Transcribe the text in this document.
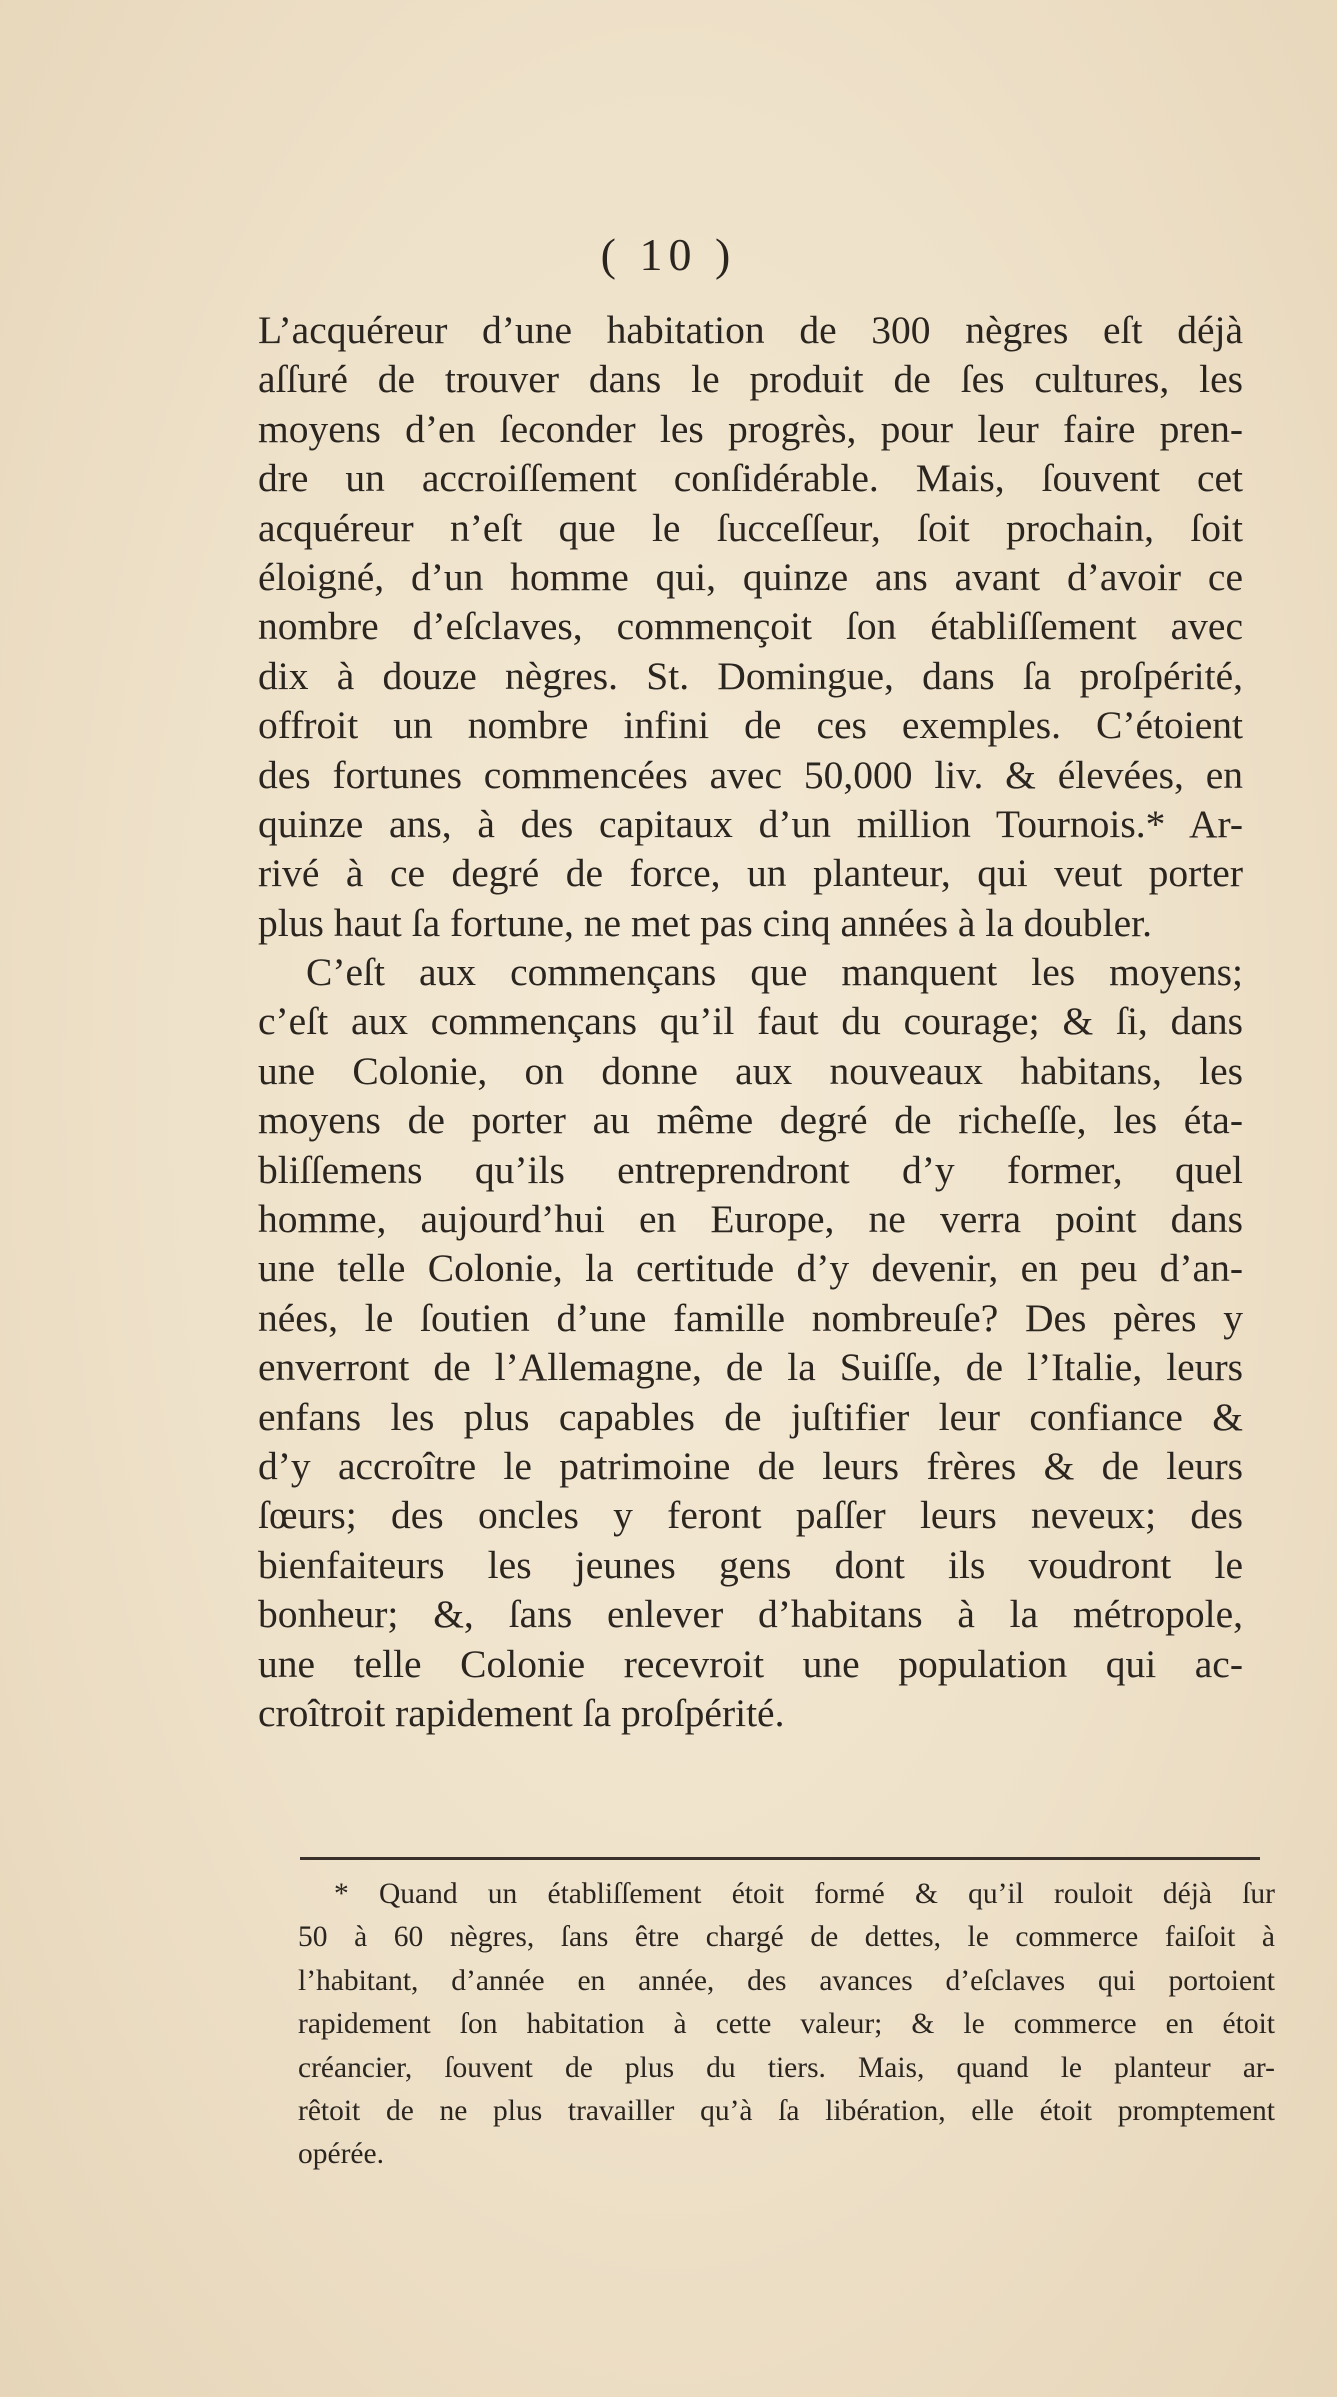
( 10 )
L’acquéreur d’une habitation de 300 nègres eſt déjà
aſſuré de trouver dans le produit de ſes cultures, les
moyens d’en ſeconder les progrès, pour leur faire pren-
dre un accroiſſement conſidérable. Mais, ſouvent cet
acquéreur n’eſt que le ſucceſſeur, ſoit prochain, ſoit
éloigné, d’un homme qui, quinze ans avant d’avoir ce
nombre d’eſclaves, commençoit ſon établiſſement avec
dix à douze nègres. St. Domingue, dans ſa proſpérité,
offroit un nombre infini de ces exemples. C’étoient
des fortunes commencées avec 50,000 liv. & élevées, en
quinze ans, à des capitaux d’un million Tournois.* Ar-
rivé à ce degré de force, un planteur, qui veut porter
plus haut ſa fortune, ne met pas cinq années à la doubler.
C’eſt aux commençans que manquent les moyens;
c’eſt aux commençans qu’il faut du courage; & ſi, dans
une Colonie, on donne aux nouveaux habitans, les
moyens de porter au même degré de richeſſe, les éta-
bliſſemens qu’ils entreprendront d’y former, quel
homme, aujourd’hui en Europe, ne verra point dans
une telle Colonie, la certitude d’y devenir, en peu d’an-
nées, le ſoutien d’une famille nombreuſe? Des pères y
enverront de l’Allemagne, de la Suiſſe, de l’Italie, leurs
enfans les plus capables de juſtifier leur confiance &
d’y accroître le patrimoine de leurs frères & de leurs
ſœurs; des oncles y feront paſſer leurs neveux; des
bienfaiteurs les jeunes gens dont ils voudront le
bonheur; &, ſans enlever d’habitans à la métropole,
une telle Colonie recevroit une population qui ac-
croîtroit rapidement ſa proſpérité.
* Quand un établiſſement étoit formé & qu’il rouloit déjà ſur
50 à 60 nègres, ſans être chargé de dettes, le commerce faiſoit à
l’habitant, d’année en année, des avances d’eſclaves qui portoient
rapidement ſon habitation à cette valeur; & le commerce en étoit
créancier, ſouvent de plus du tiers. Mais, quand le planteur ar-
rêtoit de ne plus travailler qu’à ſa libération, elle étoit promptement
opérée.
